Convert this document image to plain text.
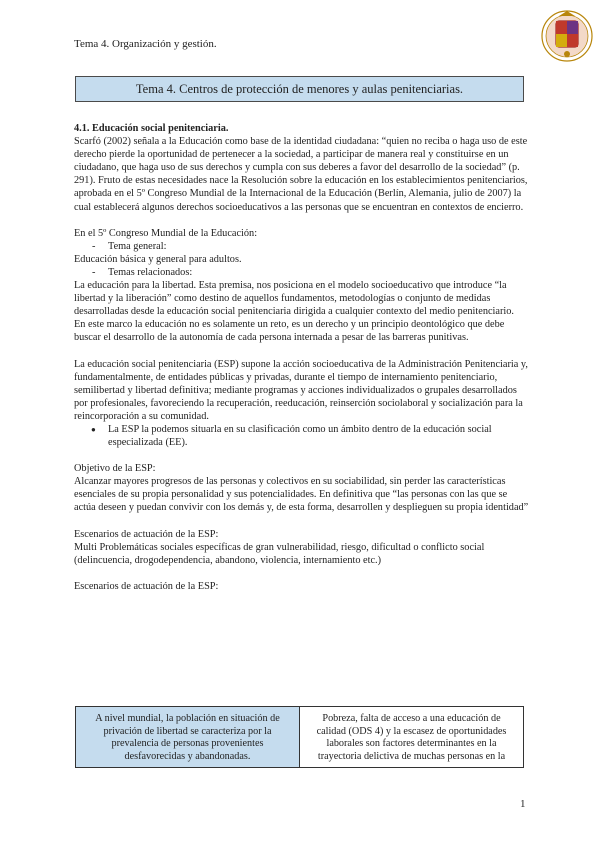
Tema 4. Organización y gestión.
Tema 4. Centros de protección de menores y aulas penitenciarias.

4.1. Educación social penitenciaria.

Scarfó (2002) señala a la Educación como base de la identidad ciudadana: “quien no reciba o haga uso de este derecho pierde la oportunidad de pertenecer a la sociedad, a participar de manera real y constituirse en un ciudadano, que haga uso de sus derechos y cumpla con sus deberes a favor del desarrollo de la sociedad” (p. 291). Fruto de estas necesidades nace la Resolución sobre la educación en los establecimientos penitenciarios, aprobada en el 5º Congreso Mundial de la Internacional de la Educación (Berlín, Alemania, julio de 2007) la cual establecerá algunos derechos socioeducativos a las personas que se encuentran en contextos de encierro.

En el 5º Congreso Mundial de la Educación:

- Tema general:

Educación básica y general para adultos.

- Temas relacionados:

La educación para la libertad. Esta premisa, nos posiciona en el modelo socioeducativo que introduce “la libertad y la liberación” como destino de aquellos fundamentos, metodologías o conjunto de medidas desarrolladas desde la educación social penitenciaria dirigida a cualquier contexto del medio penitenciario.

En este marco la educación no es solamente un reto, es un derecho y un principio deontológico que debe buscar el desarrollo de la autonomía de cada persona internada a pesar de las barreras punitivas.

La educación social penitenciaria (ESP) supone la acción socioeducativa de la Administración Penitenciaria y, fundamentalmente, de entidades públicas y privadas, durante el tiempo de internamiento penitenciario, semilibertad y libertad definitiva; mediante programas y acciones individualizados o grupales desarrollados por profesionales, favoreciendo la recuperación, reeducación, reinserción sociolaboral y socialización para la reincorporación a su comunidad.

● La ESP la podemos situarla en su clasificación como un ámbito dentro de la educación social especializada (EE).

Objetivo de la ESP:

Alcanzar mayores progresos de las personas y colectivos en su sociabilidad, sin perder las características esenciales de su propia personalidad y sus potencialidades. En definitiva que “las personas con las que se actúa deseen y puedan convivir con los demás y, de esta forma, desarrollen y desplieguen su propia identidad”

Escenarios de actuación de la ESP:

Multi Problemáticas sociales específicas de gran vulnerabilidad, riesgo, dificultad o conflicto social (delincuencia, drogodependencia, abandono, violencia, internamiento etc.)

Escenarios de actuación de la ESP:

A nivel mundial, la población en situación de privación de libertad se caracteriza por la prevalencia de personas provenientes desfavorecidas y abandonadas.
Pobreza, falta de acceso a una educación de calidad (ODS 4) y la escasez de oportunidades laborales son factores determinantes en la trayectoria delictiva de muchas personas en la
1
